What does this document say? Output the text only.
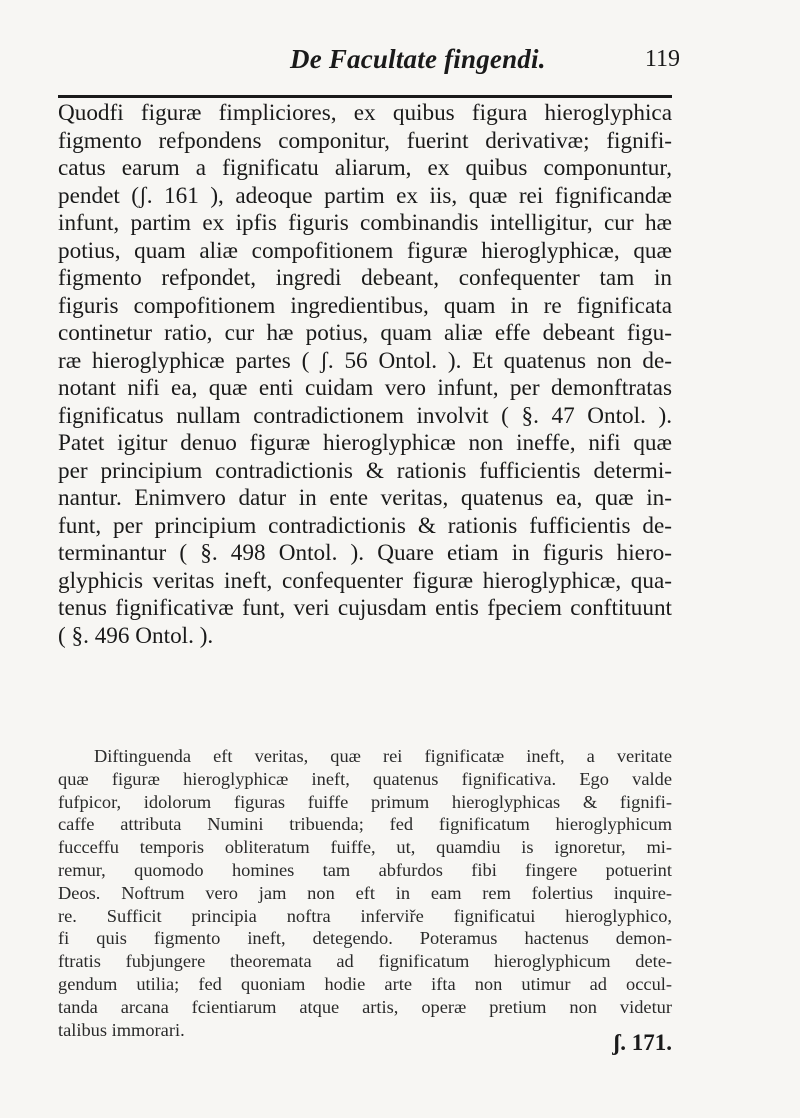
De Facultate fingendi.	119
Quodfi figuræ fimpliciores, ex quibus figura hieroglyphica
figmento refpondens componitur, fuerint derivativæ; fignifi-
catus earum a fignificatu aliarum, ex quibus componuntur,
pendet (ʃ. 161 ), adeoque partim ex iis, quæ rei fignificandæ
infunt, partim ex ipfis figuris combinandis intelligitur, cur hæ
potius, quam aliæ compofitionem figuræ hieroglyphicæ, quæ
figmento refpondet, ingredi debeant, confequenter tam in
figuris compofitionem ingredientibus, quam in re fignificata
continetur ratio, cur hæ potius, quam aliæ effe debeant figu-
ræ hieroglyphicæ partes ( ʃ. 56 Ontol. ). Et quatenus non de-
notant nifi ea, quæ enti cuidam vero infunt, per demonftratas
fignificatus nullam contradictionem involvit ( §. 47 Ontol. ).
Patet igitur denuo figuræ hieroglyphicæ non ineffe, nifi quæ
per principium contradictionis & rationis fufficientis determi-
nantur. Enimvero datur in ente veritas, quatenus ea, quæ in-
funt, per principium contradictionis & rationis fufficientis de-
terminantur ( §. 498 Ontol. ). Quare etiam in figuris hiero-
glyphicis veritas ineft, confequenter figuræ hieroglyphicæ, qua-
tenus fignificativæ funt, veri cujusdam entis fpeciem conftituunt
( §. 496 Ontol. ).
Diftinguenda eft veritas, quæ rei fignificatæ ineft, a veritate
quæ figuræ hieroglyphicæ ineft, quatenus fignificativa. Ego valde
fufpicor, idolorum figuras fuiffe primum hieroglyphicas & fignifi-
caffe attributa Numini tribuenda; fed fignificatum hieroglyphicum
fucceffu temporis obliteratum fuiffe, ut, quamdiu is ignoretur, mi-
remur, quomodo homines tam abfurdos fibi fingere potuerint
Deos. Noftrum vero jam non eft in eam rem folertius inquire-
re. Sufficit principia noftra inferviře fignificatui hieroglyphico,
fi quis figmento ineft, detegendo. Poteramus hactenus demon-
ftratis fubjungere theoremata ad fignificatum hieroglyphicum dete-
gendum utilia; fed quoniam hodie arte ifta non utimur ad occul-
tanda arcana fcientiarum atque artis, operæ pretium non videtur
talibus immorari.
ʃ. 171.
